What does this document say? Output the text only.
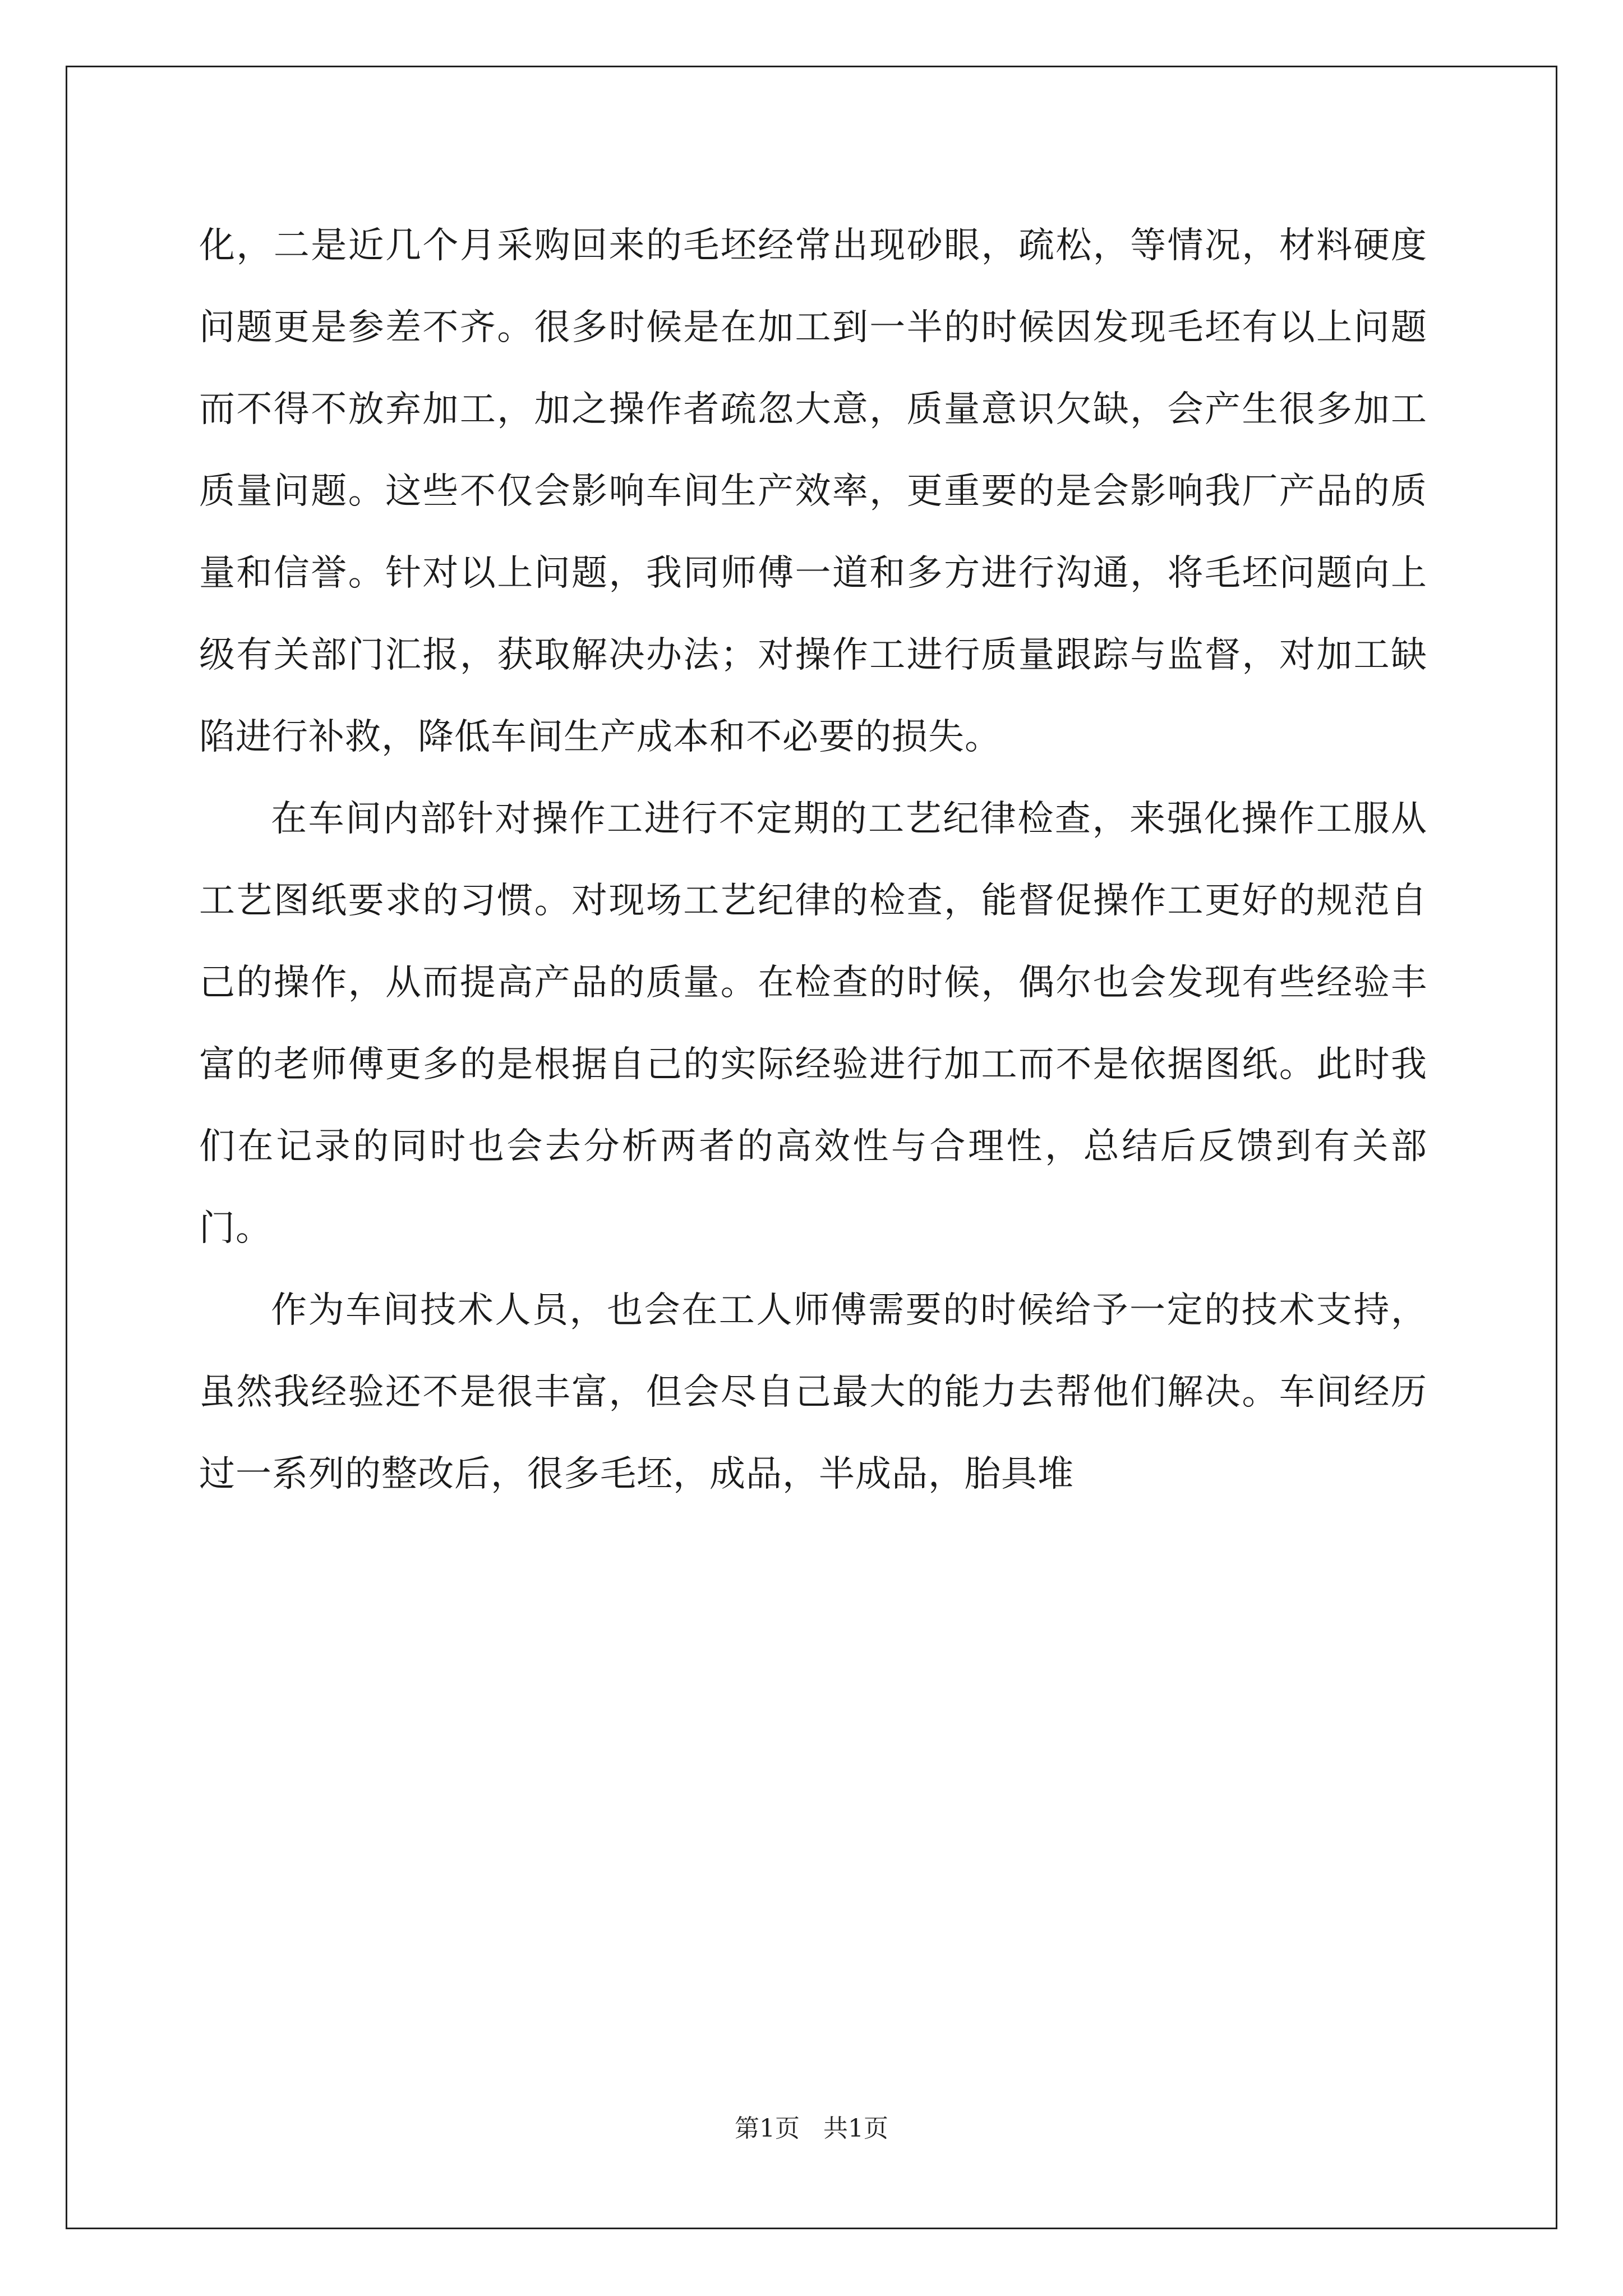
化，二是近几个月采购回来的毛坯经常出现砂眼，疏松，等情况，材料硬度问题更是参差不齐。很多时候是在加工到一半的时候因发现毛坯有以上问题而不得不放弃加工，加之操作者疏忽大意，质量意识欠缺，会产生很多加工质量问题。这些不仅会影响车间生产效率，更重要的是会影响我厂产品的质量和信誉。针对以上问题，我同师傅一道和多方进行沟通，将毛坯问题向上级有关部门汇报，获取解决办法；对操作工进行质量跟踪与监督，对加工缺陷进行补救，降低车间生产成本和不必要的损失。

在车间内部针对操作工进行不定期的工艺纪律检查，来强化操作工服从工艺图纸要求的习惯。对现场工艺纪律的检查，能督促操作工更好的规范自己的操作，从而提高产品的质量。在检查的时候，偶尔也会发现有些经验丰富的老师傅更多的是根据自己的实际经验进行加工而不是依据图纸。此时我们在记录的同时也会去分析两者的高效性与合理性，总结后反馈到有关部门。

作为车间技术人员，也会在工人师傅需要的时候给予一定的技术支持，虽然我经验还不是很丰富，但会尽自己最大的能力去帮他们解决。车间经历过一系列的整改后，很多毛坯，成品，半成品，胎具堆

第1页   共1页
